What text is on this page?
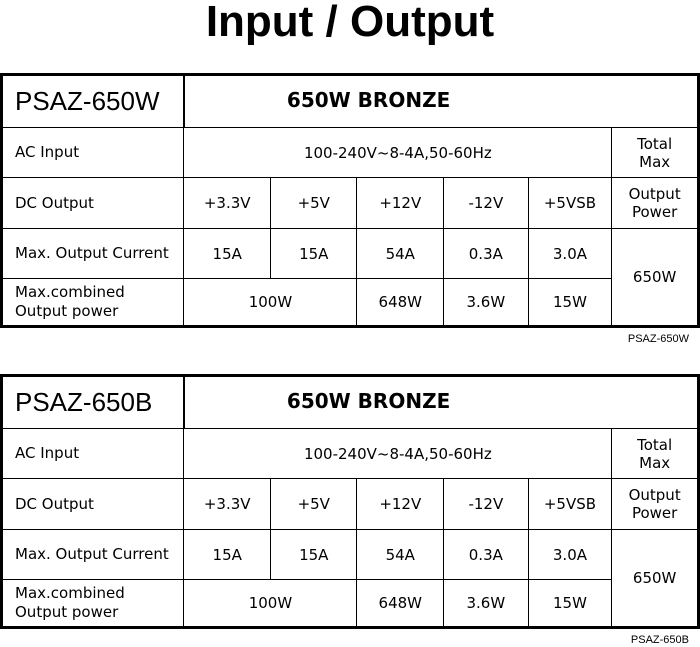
Input / Output
PSAZ-650W	650W BRONZE					
AC Input	100-240V~8-4A,50-60Hz					Total
Max

DC Output	+3.3V	+5V	+12V	-12V	+5VSB	Output
Power

Max. Output Current	15A	15A	54A	0.3A	3.0A	650W

Max.combined
Output power	100W		648W	3.6W	15W	
PSAZ-650W
PSAZ-650B	650W BRONZE					
AC Input	100-240V~8-4A,50-60Hz					Total
Max

DC Output	+3.3V	+5V	+12V	-12V	+5VSB	Output
Power

Max. Output Current	15A	15A	54A	0.3A	3.0A	650W

Max.combined
Output power	100W		648W	3.6W	15W	
PSAZ-650B
